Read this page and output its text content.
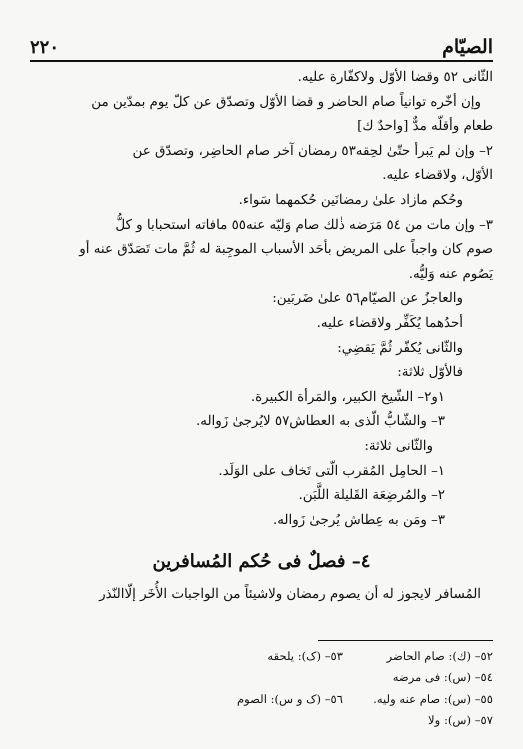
الصيّام
٢٢٠

الثّانى ٥٢ وقضا الأوّل ولاكفّارة عليه.

وإن أخّره توانياً صام الحاضر و قضا الأوّل وتصدّق عن كلّ يوم بمدّين من

طعام وأقلّه مدٌّ [واحدٌ ك]

٢– وإن لم يَبرأ حتّىٰ لحِقه٥٣ رمضان آخر صام الحاضِر، وتصدّق عن

الأوّل، ولاقضاء عليه.

وحُكم مازاد علىٰ رمضانَين حُكمهما سَواء.

٣– وإن مات من ٥٤ مَرَضه ذٰلك صام وَليّه عنه٥٥ مافاته استحبابا و كلُّ

صوم كان واجباً على المريض بأحَد الأسباب الموجِبة له ثُمَّ مات تَصَدّق عنه أو

يَصُوم عنه وَليُّه.

والعاجزُ عن الصيّام٥٦ علىٰ ضَربَين:

أحدُهما يُكَفِّر ولاقضاء عليه.

والثّانى يُكفّر ثُمَّ يَقضِي:

فالأوّل ثلاثة:

١و٢– الشّيخ الكبير، والمَرأة الكبيرة.

٣– والشّابُّ الّذى به العطاش٥٧ لايُرجىٰ زَواله.

والثّانى ثلاثة:

١– الحامِل المُقرب الّتى تَخاف على الوَلَد.

٢– والمُرضِعَة القَليلة اللَّبَن.

٣– ومَن به عِطاش يُرجىٰ زَواله.

٤– فصلٌ فى حُكم المُسافرين

المُسافر لايجوز له أن يصوم رمضان ولاشيئاً من الواجبات الأُخَر إلّاالنّذر

٥٢– (ك): صام الحاضر
٥٣– (ک): يلحقه
٥٤– (س): فى مرضه
٥٥– (س): صام عنه وليه.
٥٦– (ک و س): الصوم
٥٧– (س): ولا
